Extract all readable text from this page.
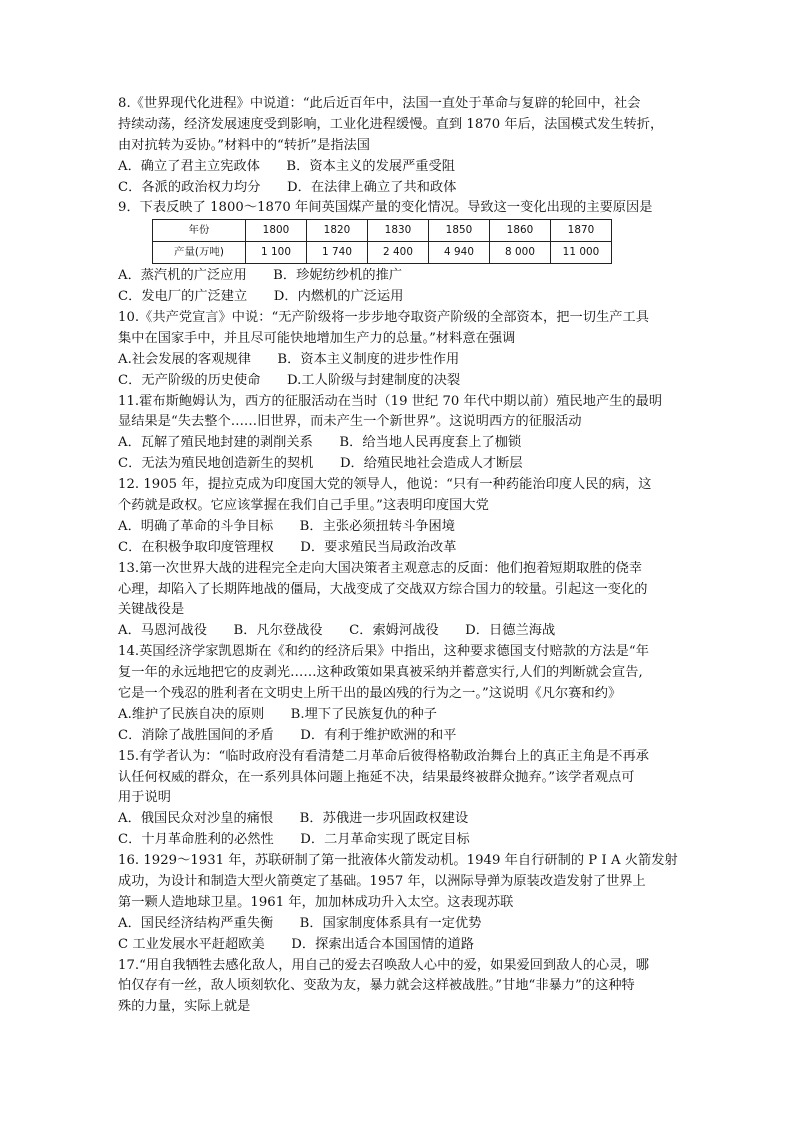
8.《世界现代化进程》中说道：“此后近百年中，法国一直处于革命与复辟的轮回中，社会
持续动荡，经济发展速度受到影响，工业化进程缓慢。直到 1870 年后，法国模式发生转折，
由对抗转为妥协。”材料中的“转折”是指法国
A．确立了君主立宪政体　　B．资本主义的发展严重受阻
C．各派的政治权力均分　　D．在法律上确立了共和政体
9．下表反映了 1800～1870 年间英国煤产量的变化情况。导致这一变化出现的主要原因是
年份	1800	1820	1830	1850	1860	1870
产量(万吨)	1 100	1 740	2 400	4 940	8 000	11 000
A．蒸汽机的广泛应用　　B．珍妮纺纱机的推广
C．发电厂的广泛建立　　D．内燃机的广泛运用
10.《共产党宣言》中说：“无产阶级将一步步地夺取资产阶级的全部资本，把一切生产工具
集中在国家手中，并且尽可能快地增加生产力的总量。”材料意在强调
A.社会发展的客观规律　　B．资本主义制度的进步性作用
C．无产阶级的历史使命　　D.工人阶级与封建制度的决裂
11.霍布斯鲍姆认为，西方的征服活动在当时（19 世纪 70 年代中期以前）殖民地产生的最明
显结果是“失去整个……旧世界，而未产生一个新世界”。这说明西方的征服活动
A．瓦解了殖民地封建的剥削关系　　B．给当地人民再度套上了枷锁
C．无法为殖民地创造新生的契机　　D．给殖民地社会造成人才断层
12. 1905 年，提拉克成为印度国大党的领导人，他说：“只有一种药能治印度人民的病，这
个药就是政权。它应该掌握在我们自己手里。”这表明印度国大党
A．明确了革命的斗争目标　　B．主张必须扭转斗争困境
C．在积极争取印度管理权　　D．要求殖民当局政治改革
13.第一次世界大战的进程完全走向大国决策者主观意志的反面：他们抱着短期取胜的侥幸
心理，却陷入了长期阵地战的僵局，大战变成了交战双方综合国力的较量。引起这一变化的
关键战役是
A．马恩河战役　　B．凡尔登战役　　C．索姆河战役　　D．日德兰海战
14.英国经济学家凯恩斯在《和约的经济后果》中指出，这种要求德国支付赔款的方法是“年
复一年的永远地把它的皮剥光……这种政策如果真被采纳并蓄意实行,人们的判断就会宣告,
它是一个残忍的胜利者在文明史上所干出的最凶残的行为之一。”这说明《凡尔赛和约》
A.维护了民族自决的原则　　B.埋下了民族复仇的种子
C．消除了战胜国间的矛盾　　D．有利于维护欧洲的和平
15.有学者认为：“临时政府没有看清楚二月革命后彼得格勒政治舞台上的真正主角是不再承
认任何权威的群众，在一系列具体问题上拖延不决，结果最终被群众抛弃。”该学者观点可
用于说明
A．俄国民众对沙皇的痛恨　　B．苏俄进一步巩固政权建设
C．十月革命胜利的必然性　　D．二月革命实现了既定目标
16. 1929～1931 年，苏联研制了第一批液体火箭发动机。1949 年自行研制的 P I A 火箭发射
成功，为设计和制造大型火箭奠定了基础。1957 年，以洲际导弹为原装改造发射了世界上
第一颗人造地球卫星。1961 年，加加林成功升入太空。这表现苏联
A．国民经济结构严重失衡　　B．国家制度体系具有一定优势
C 工业发展水平赶超欧美　　D．探索出适合本国国情的道路
17.“用自我牺牲去感化敌人，用自己的爱去召唤敌人心中的爱，如果爱回到敌人的心灵，哪
怕仅存有一丝，敌人顷刻软化、变敌为友，暴力就会这样被战胜。”甘地“非暴力”的这种特
殊的力量，实际上就是
